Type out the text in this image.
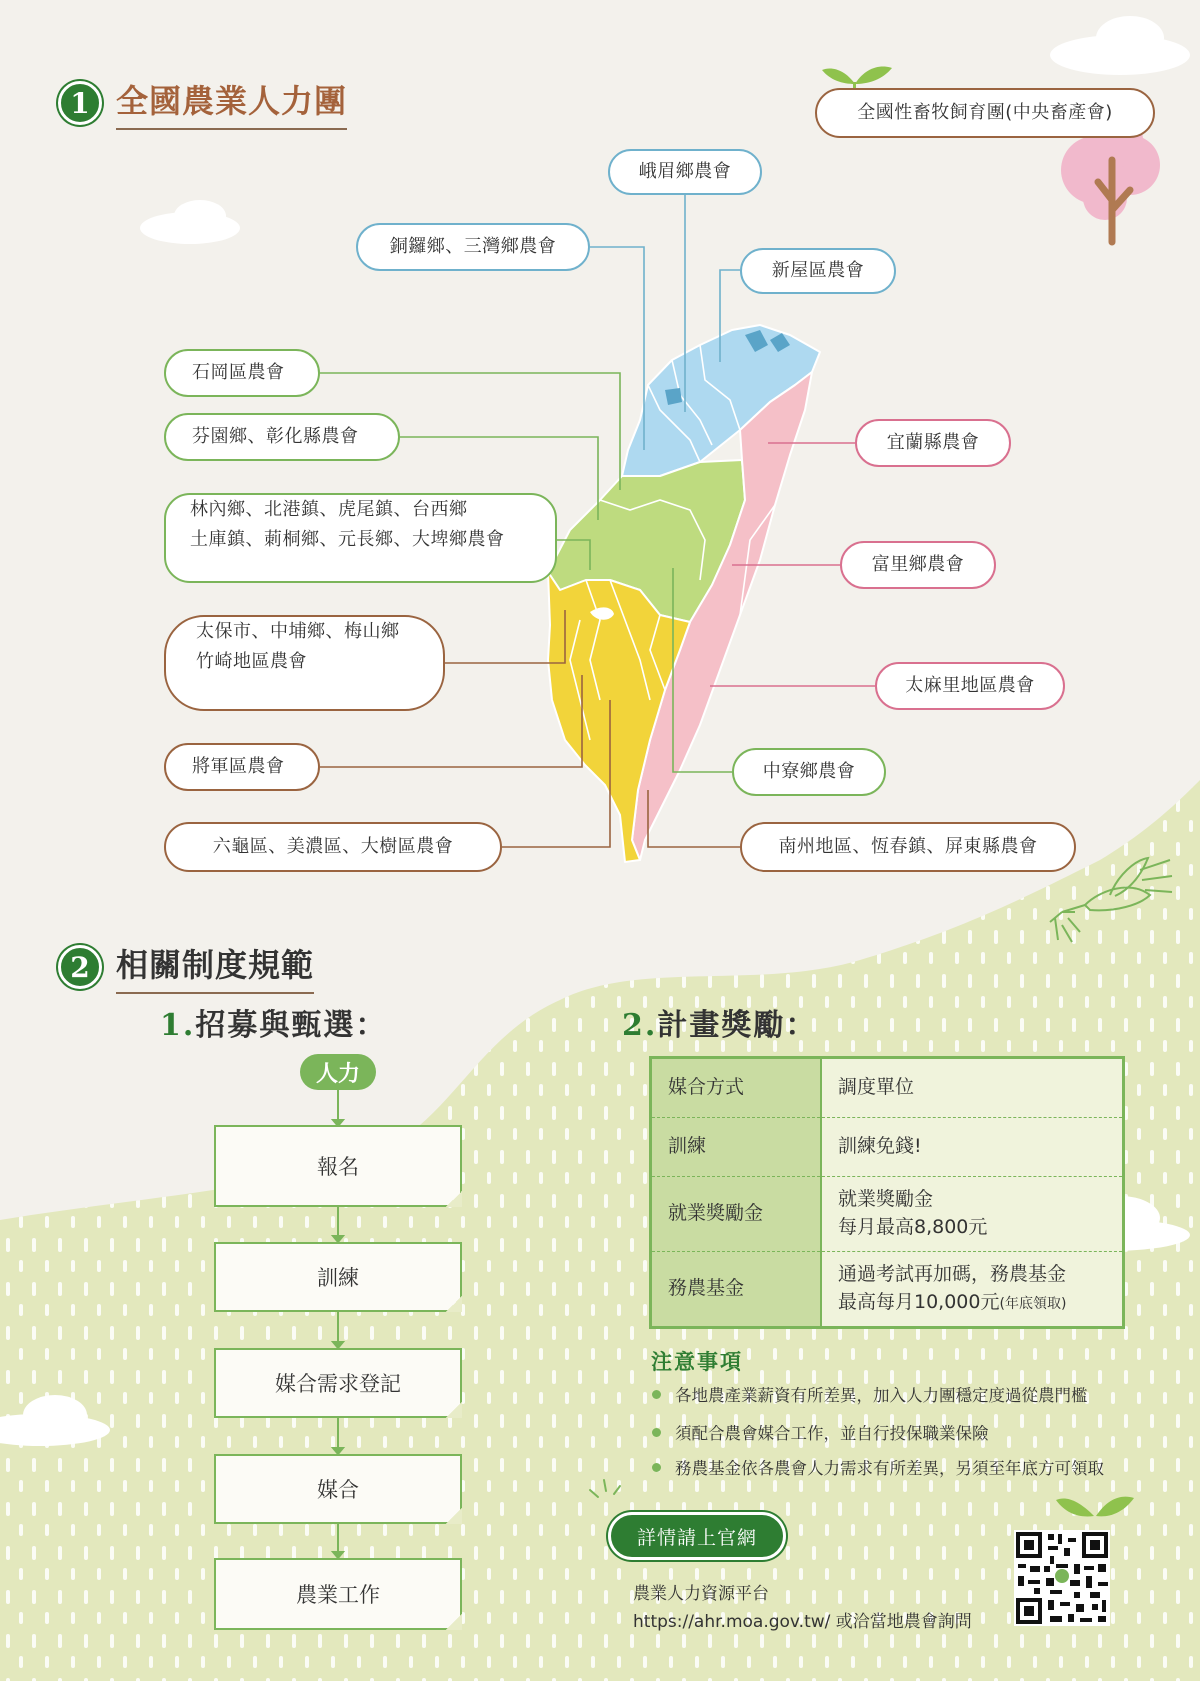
1 全國農業人力團	全國性畜牧飼育團(中央畜產會)
峨眉鄉農會
銅鑼鄉、三灣鄉農會
新屋區農會
石岡區農會
芬園鄉、彰化縣農會
林內鄉、北港鎮、虎尾鎮、台西鄉
土庫鎮、莿桐鄉、元長鄉、大埤鄉農會
太保市、中埔鄉、梅山鄉
竹崎地區農會
將軍區農會
六龜區、美濃區、大樹區農會
宜蘭縣農會
富里鄉農會
太麻里地區農會
中寮鄉農會
南州地區、恆春鎮、屏東縣農會
2 相關制度規範
1.招募與甄選：
人力
報名
訓練
媒合需求登記
媒合
農業工作
2.計畫獎勵：
媒合方式	調度單位
訓練	訓練免錢!
就業獎勵金	就業獎勵金
每月最高8,800元

務農基金	通過考試再加碼，務農基金
最高每月10,000元(年底領取)
注意事項
各地農產業薪資有所差異，加入人力團穩定度過從農門檻
須配合農會媒合工作，並自行投保職業保險
務農基金依各農會人力需求有所差異，另須至年底方可領取
詳情請上官網
農業人力資源平台
https://ahr.moa.gov.tw/ 或洽當地農會詢問
